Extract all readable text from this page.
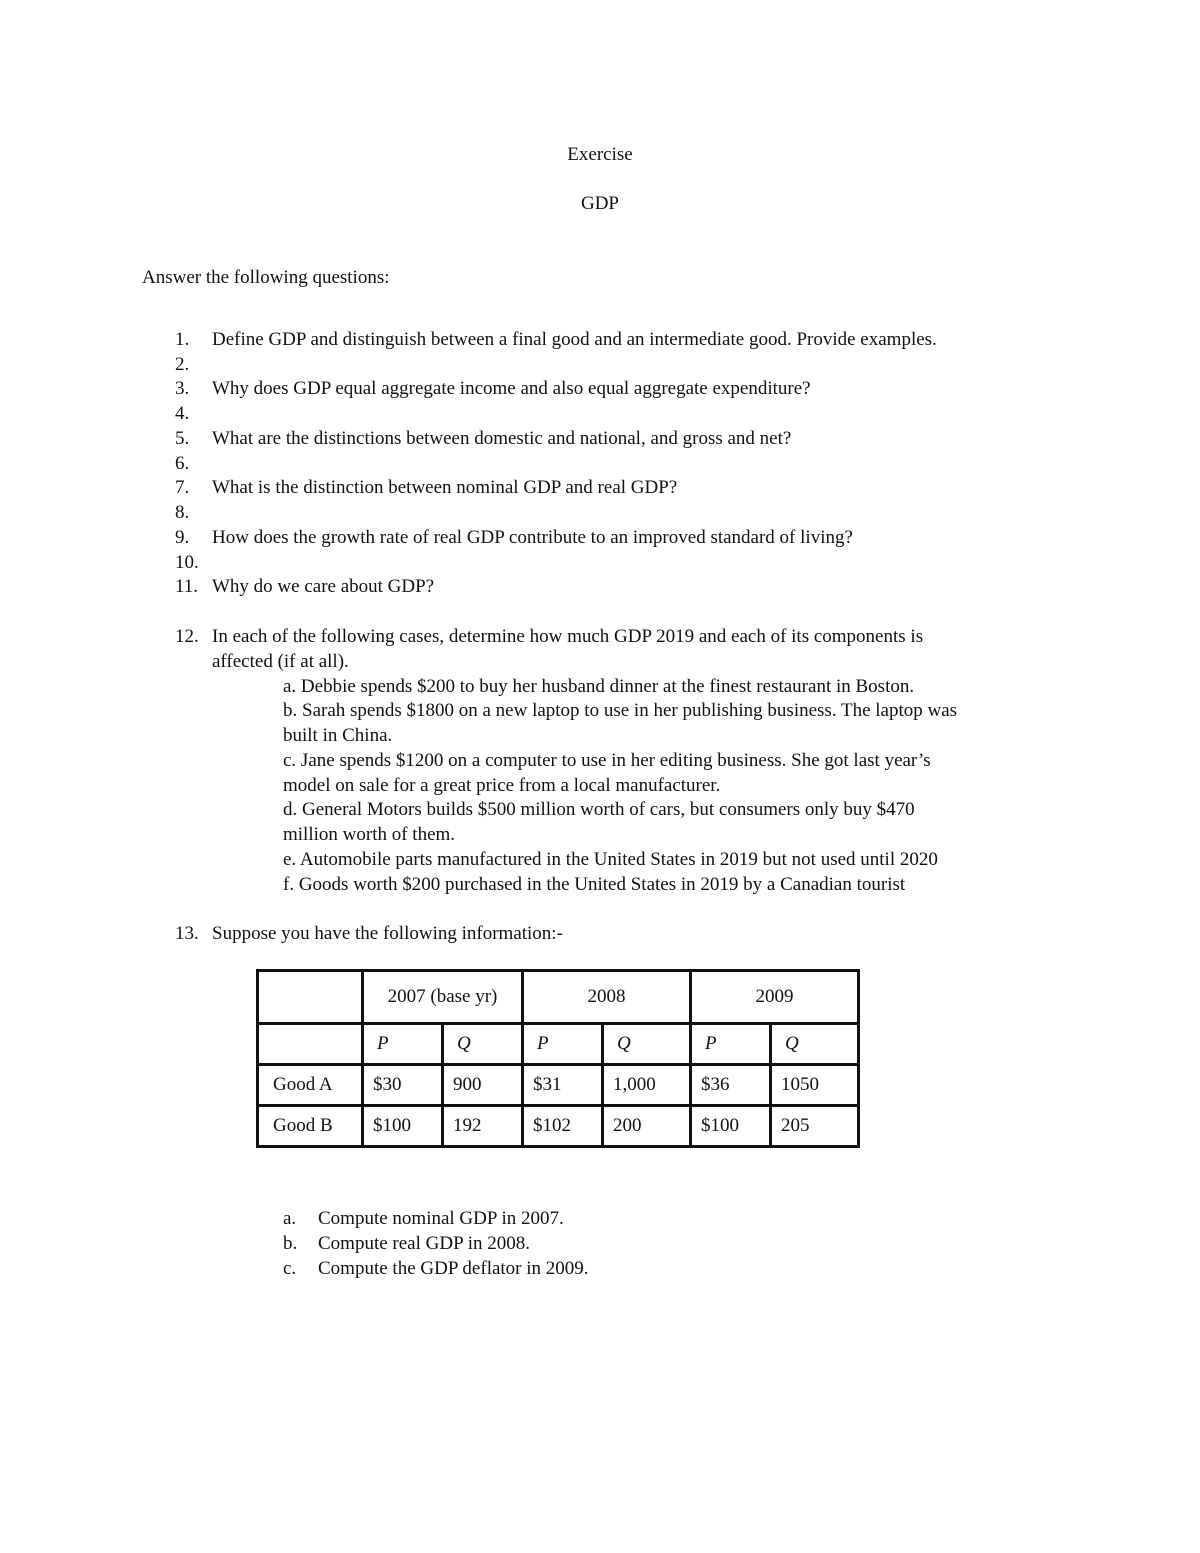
Exercise
GDP
Answer the following questions:
1.	Define GDP and distinguish between a final good and an intermediate good. Provide examples.
2.
3.	Why does GDP equal aggregate income and also equal aggregate expenditure?
4.
5.	What are the distinctions between domestic and national, and gross and net?
6.
7.	What is the distinction between nominal GDP and real GDP?
8.
9.	How does the growth rate of real GDP contribute to an improved standard of living?
10.
11. Why do we care about GDP?
12. In each of the following cases, determine how much GDP 2019 and each of its components is
affected (if at all).
a. Debbie spends $200 to buy her husband dinner at the finest restaurant in Boston.
b. Sarah spends $1800 on a new laptop to use in her publishing business. The laptop was
built in China.
c. Jane spends $1200 on a computer to use in her editing business. She got last year’s
model on sale for a great price from a local manufacturer.
d. General Motors builds $500 million worth of cars, but consumers only buy $470
million worth of them.
e. Automobile parts manufactured in the United States in 2019 but not used until 2020
f. Goods worth $200 purchased in the United States in 2019 by a Canadian tourist
13. Suppose you have the following information:-
	2007 (base yr)		2008		2009	
	P	Q	P	Q	P	Q
Good A	$30	900	$31	1,000	$36	1050
Good B	$100	192	$102	200	$100	205
a. Compute nominal GDP in 2007.
b. Compute real GDP in 2008.
c. Compute the GDP deflator in 2009.
